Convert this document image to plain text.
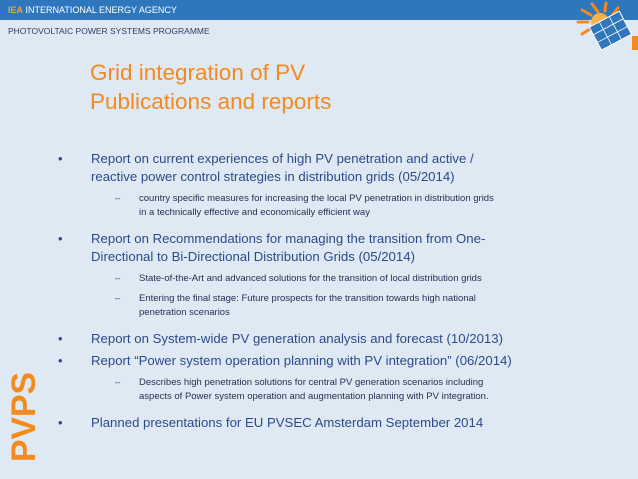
IEA INTERNATIONAL ENERGY AGENCY
PHOTOVOLTAIC POWER SYSTEMS PROGRAMME
Grid integration of PV
Publications and reports
PVPS
• Report on current experiences of high PV penetration and active /
reactive power control strategies in distribution grids (05/2014)
– country specific measures for increasing the local PV penetration in distribution grids
in a technically effective and economically efficient way
• Report on Recommendations for managing the transition from One-
Directional to Bi-Directional Distribution Grids (05/2014)
– State-of-the-Art and advanced solutions for the transition of local distribution grids
– Entering the final stage: Future prospects for the transition towards high national
penetration scenarios
• Report on System-wide PV generation analysis and forecast (10/2013)
• Report “Power system operation planning with PV integration” (06/2014)
– Describes high penetration solutions for central PV generation scenarios including
aspects of Power system operation and augmentation planning with PV integration.
• Planned presentations for EU PVSEC Amsterdam September 2014
